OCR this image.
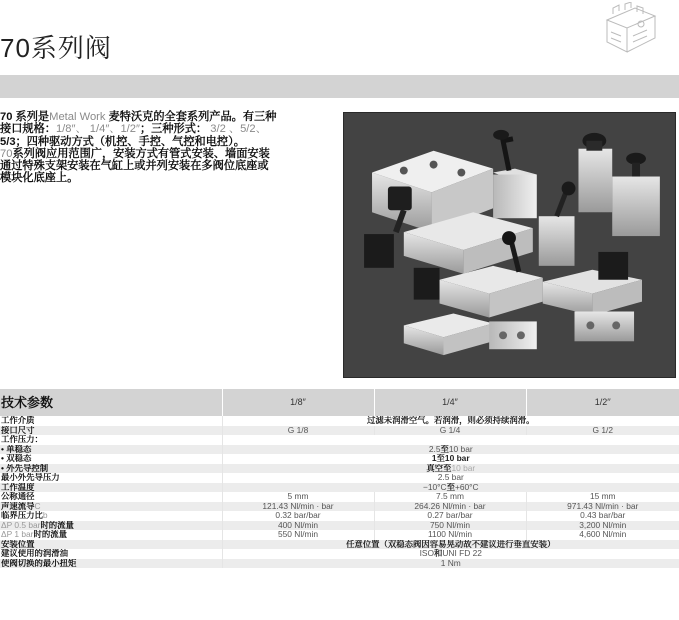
70系列阀
70 系列是Metal Work 麦特沃克的全套系列产品。有三种
接口规格：1/8″、 1/4″、1/2″；三种形式： 3/2 、5/2、
5/3；四种驱动方式（机控、手控、气控和电控）。
70系列阀应用范围广，安装方式有管式安装、墙面安装
通过特殊支架安装在气缸上或并列安装在多阀位底座或
模块化底座上。
技术参数	1/8″	1/4″	1/2′′
工作介质	过滤未润滑空气。若润滑，则必须持续润滑。		
接口尺寸	G 1/8	G 1/4	G 1/2
工作压力：			
• 单稳态	2.5至10 bar		
• 双稳态	1至10 bar		
• 外先导控制	真空至10 bar		
最小外先导压力	2.5 bar		
工作温度	−10°C至+60°C		
公称通径	5 mm	7.5 mm	15 mm
声速流导C	121.43 Nl/min · bar	264.26 Nl/min · bar	971.43 Nl/min · bar
临界压力比b	0.32 bar/bar	0.27 bar/bar	0.43 bar/bar
ΔP 0.5 bar时的流量	400 Nl/min	750 Nl/min	3,200 Nl/min
ΔP 1 bar时的流量	550 Nl/min	1100 Nl/min	4,600 Nl/min
安装位置	任意位置（双稳态阀因容易晃动故不建议进行垂直安装）		
建议使用的润滑油	ISO和UNI FD 22		
使阀切换的最小扭矩	1 Nm		
